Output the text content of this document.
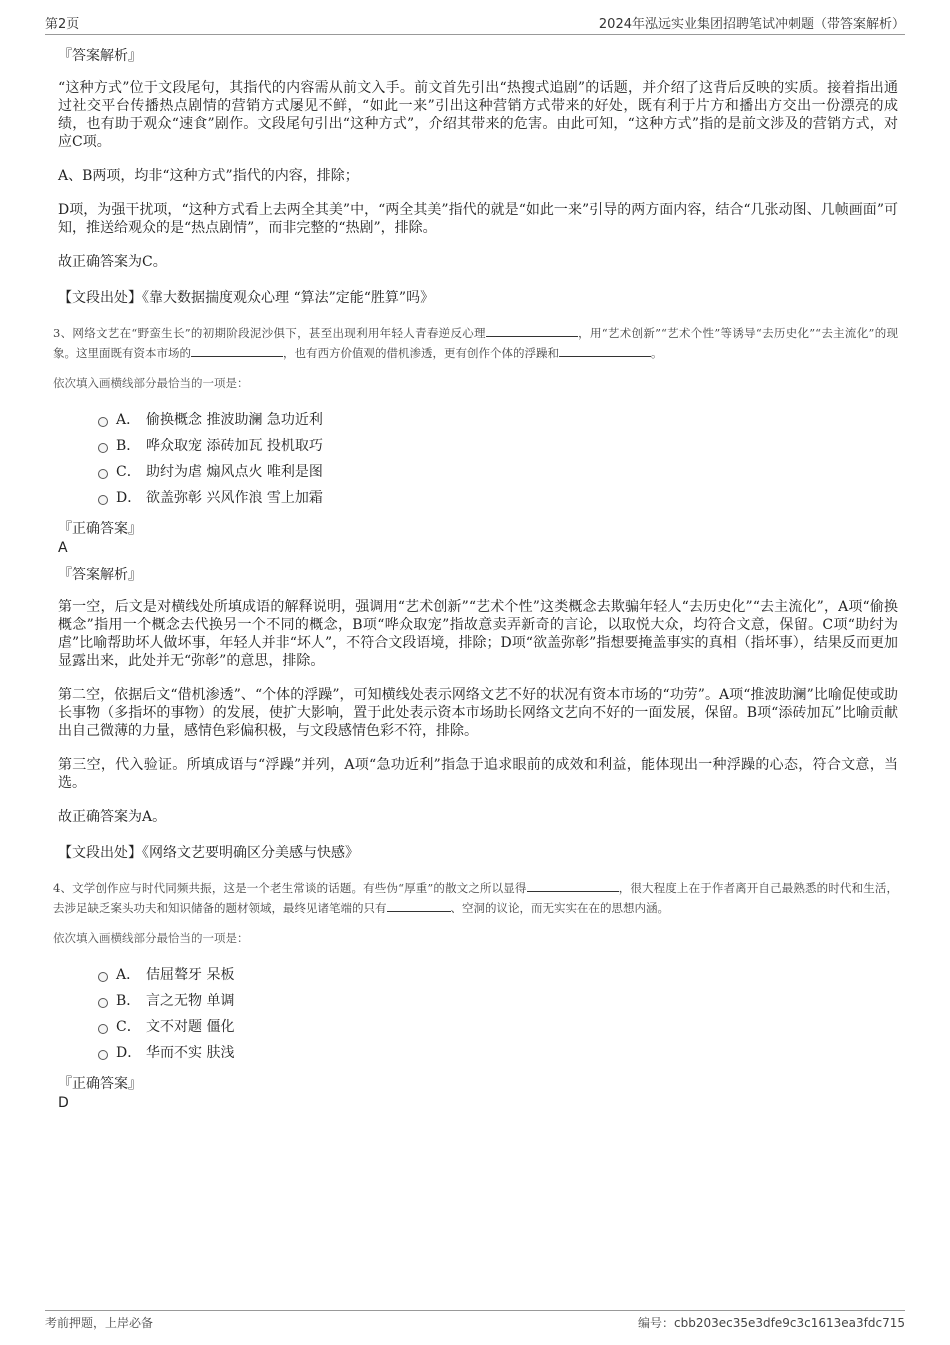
第2页	2024年泓远实业集团招聘笔试冲刺题（带答案解析）
『答案解析』

“这种方式”位于文段尾句，其指代的内容需从前文入手。前文首先引出“热搜式追剧”的话题，并介绍了这背后反映的实质。接着指出通过社交平台传播热点剧情的营销方式屡见不鲜，“如此一来”引出这种营销方式带来的好处，既有利于片方和播出方交出一份漂亮的成绩，也有助于观众“速食”剧作。文段尾句引出“这种方式”，介绍其带来的危害。由此可知，“这种方式”指的是前文涉及的营销方式，对应C项。

A、B两项，均非“这种方式”指代的内容，排除；

D项，为强干扰项，“这种方式看上去两全其美”中，“两全其美”指代的就是“如此一来”引导的两方面内容，结合“几张动图、几帧画面”可知，推送给观众的是“热点剧情”，而非完整的“热剧”，排除。

故正确答案为C。

【文段出处】《靠大数据揣度观众心理 “算法”定能“胜算”吗》

3、网络文艺在“野蛮生长”的初期阶段泥沙俱下，甚至出现利用年轻人青春逆反心理	，用“艺术创新”“艺术个性”等诱导“去历史化”“去主流化”的现象。这里面既有资本市场的	，也有西方价值观的借机渗透，更有创作个体的浮躁和	。

依次填入画横线部分最恰当的一项是：

A． 偷换概念 推波助澜 急功近利
B． 哗众取宠 添砖加瓦 投机取巧
C． 助纣为虐 煽风点火 唯利是图
D． 欲盖弥彰 兴风作浪 雪上加霜
『正确答案』
A
『答案解析』

第一空，后文是对横线处所填成语的解释说明，强调用“艺术创新”“艺术个性”这类概念去欺骗年轻人“去历史化”“去主流化”，A项“偷换概念”指用一个概念去代换另一个不同的概念，B项“哗众取宠”指故意卖弄新奇的言论，以取悦大众，均符合文意，保留。C项“助纣为虐”比喻帮助坏人做坏事，年轻人并非“坏人”，不符合文段语境，排除；D项“欲盖弥彰”指想要掩盖事实的真相（指坏事），结果反而更加显露出来，此处并无“弥彰”的意思，排除。

第二空，依据后文“借机渗透”、“个体的浮躁”，可知横线处表示网络文艺不好的状况有资本市场的“功劳”。A项“推波助澜”比喻促使或助长事物（多指坏的事物）的发展，使扩大影响，置于此处表示资本市场助长网络文艺向不好的一面发展，保留。B项“添砖加瓦”比喻贡献出自己微薄的力量，感情色彩偏积极，与文段感情色彩不符，排除。

第三空，代入验证。所填成语与“浮躁”并列，A项“急功近利”指急于追求眼前的成效和利益，能体现出一种浮躁的心态，符合文意，当选。

故正确答案为A。

【文段出处】《网络文艺要明确区分美感与快感》

4、文学创作应与时代同频共振，这是一个老生常谈的话题。有些伪“厚重”的散文之所以显得	，很大程度上在于作者离开自己最熟悉的时代和生活，去涉足缺乏案头功夫和知识储备的题材领域，最终见诸笔端的只有	、空洞的议论，而无实实在在的思想内涵。

依次填入画横线部分最恰当的一项是：

A． 佶屈聱牙 呆板
B． 言之无物 单调
C． 文不对题 僵化
D． 华而不实 肤浅
『正确答案』
D
考前押题，上岸必备	编号：cbb203ec35e3dfe9c3c1613ea3fdc715
